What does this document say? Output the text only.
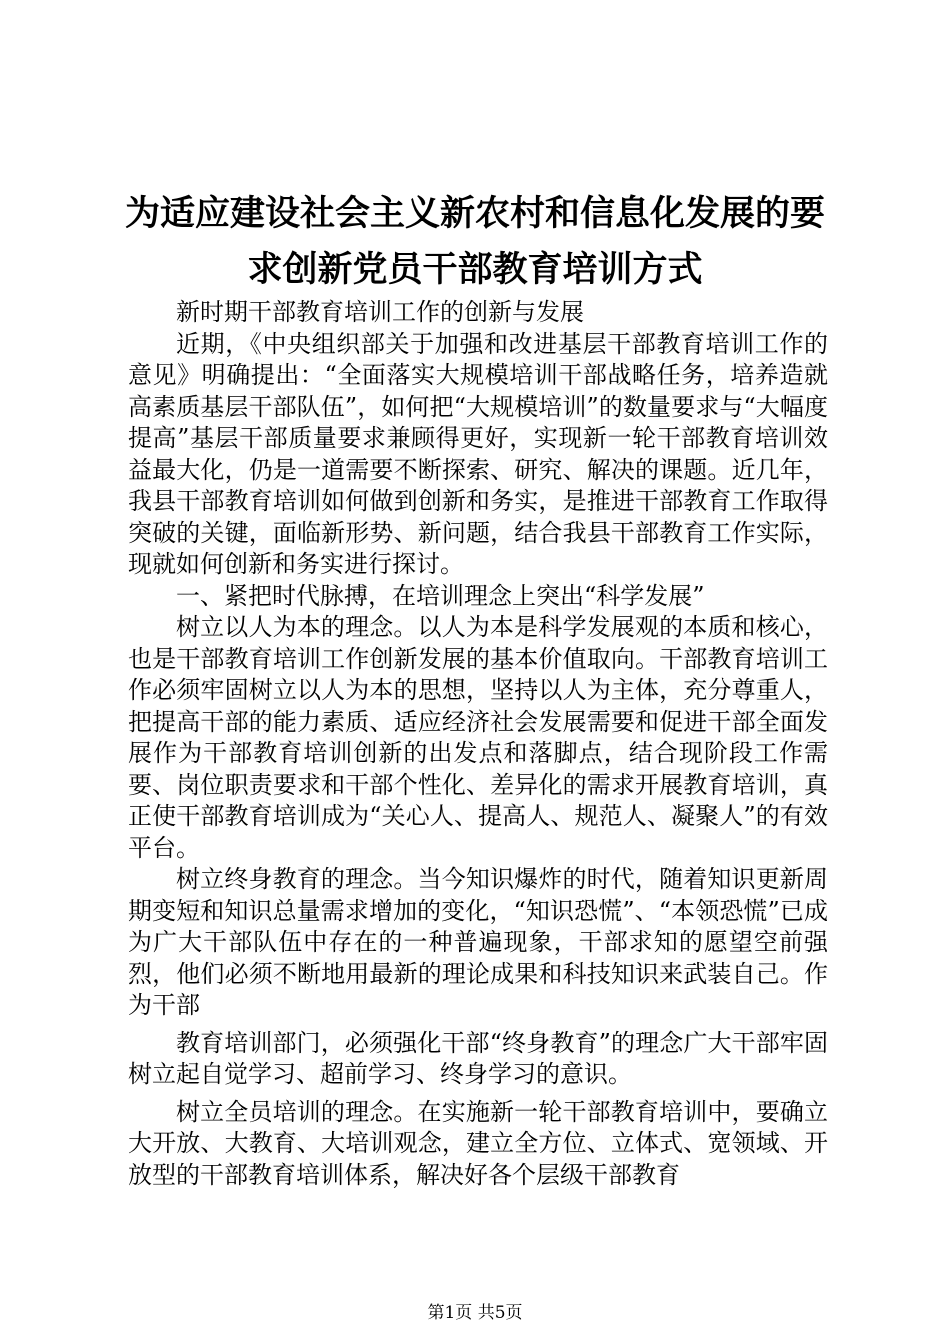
为适应建设社会主义新农村和信息化发展的要
求创新党员干部教育培训方式

新时期干部教育培训工作的创新与发展

近期，《中央组织部关于加强和改进基层干部教育培训工作的意见》明确提出：“全面落实大规模培训干部战略任务，培养造就高素质基层干部队伍”，如何把“大规模培训”的数量要求与“大幅度提高”基层干部质量要求兼顾得更好，实现新一轮干部教育培训效益最大化，仍是一道需要不断探索、研究、解决的课题。近几年，我县干部教育培训如何做到创新和务实，是推进干部教育工作取得突破的关键，面临新形势、新问题，结合我县干部教育工作实际，现就如何创新和务实进行探讨。

一、紧把时代脉搏，在培训理念上突出“科学发展”

树立以人为本的理念。以人为本是科学发展观的本质和核心，也是干部教育培训工作创新发展的基本价值取向。干部教育培训工作必须牢固树立以人为本的思想，坚持以人为主体，充分尊重人，把提高干部的能力素质、适应经济社会发展需要和促进干部全面发展作为干部教育培训创新的出发点和落脚点，结合现阶段工作需要、岗位职责要求和干部个性化、差异化的需求开展教育培训，真正使干部教育培训成为“关心人、提高人、规范人、凝聚人”的有效平台。

树立终身教育的理念。当今知识爆炸的时代，随着知识更新周期变短和知识总量需求增加的变化，“知识恐慌”、“本领恐慌”已成为广大干部队伍中存在的一种普遍现象，干部求知的愿望空前强烈，他们必须不断地用最新的理论成果和科技知识来武装自己。作为干部

教育培训部门，必须强化干部“终身教育”的理念广大干部牢固树立起自觉学习、超前学习、终身学习的意识。

树立全员培训的理念。在实施新一轮干部教育培训中，要确立大开放、大教育、大培训观念，建立全方位、立体式、宽领域、开放型的干部教育培训体系，解决好各个层级干部教育

第1页 共5页
